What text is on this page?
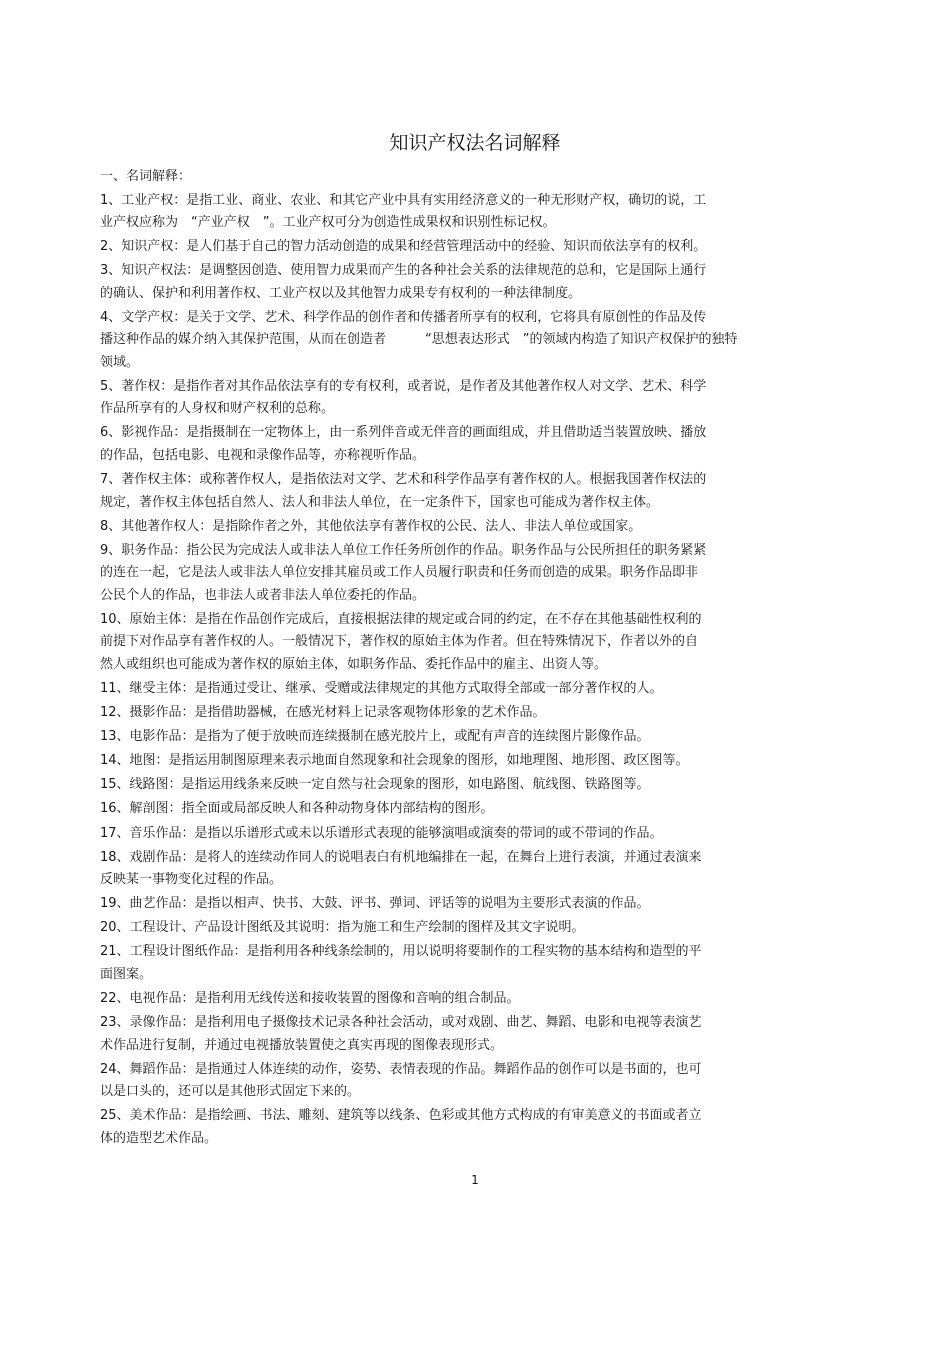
知识产权法名词解释
一、名词解释：
1、工业产权：是指工业、商业、农业、和其它产业中具有实用经济意义的一种无形财产权，确切的说，工
业产权应称为　“产业产权　”。工业产权可分为创造性成果权和识别性标记权。
2、知识产权：是人们基于自己的智力活动创造的成果和经营管理活动中的经验、知识而依法享有的权利。
3、知识产权法：是调整因创造、使用智力成果而产生的各种社会关系的法律规范的总和，它是国际上通行
的确认、保护和利用著作权、工业产权以及其他智力成果专有权利的一种法律制度。
4、文学产权：是关于文学、艺术、科学作品的创作者和传播者所享有的权利，它将具有原创性的作品及传
播这种作品的媒介纳入其保护范围，从而在创造者　　　“思想表达形式　”的领域内构造了知识产权保护的独特
领域。
5、著作权：是指作者对其作品依法享有的专有权利，或者说，是作者及其他著作权人对文学、艺术、科学
作品所享有的人身权和财产权利的总称。
6、影视作品：是指摄制在一定物体上，由一系列伴音或无伴音的画面组成，并且借助适当装置放映、播放
的作品，包括电影、电视和录像作品等，亦称视听作品。
7、著作权主体：或称著作权人，是指依法对文学、艺术和科学作品享有著作权的人。根据我国著作权法的
规定，著作权主体包括自然人、法人和非法人单位，在一定条件下，国家也可能成为著作权主体。
8、其他著作权人：是指除作者之外，其他依法享有著作权的公民、法人、非法人单位或国家。
9、职务作品：指公民为完成法人或非法人单位工作任务所创作的作品。职务作品与公民所担任的职务紧紧
的连在一起，它是法人或非法人单位安排其雇员或工作人员履行职责和任务而创造的成果。职务作品即非
公民个人的作品，也非法人或者非法人单位委托的作品。
10、原始主体：是指在作品创作完成后，直接根据法律的规定或合同的约定，在不存在其他基础性权利的
前提下对作品享有著作权的人。一般情况下，著作权的原始主体为作者。但在特殊情况下，作者以外的自
然人或组织也可能成为著作权的原始主体，如职务作品、委托作品中的雇主、出资人等。
11、继受主体：是指通过受让、继承、受赠或法律规定的其他方式取得全部或一部分著作权的人。
12、摄影作品：是指借助器械，在感光材料上记录客观物体形象的艺术作品。
13、电影作品：是指为了便于放映而连续摄制在感光胶片上，或配有声音的连续图片影像作品。
14、地图：是指运用制图原理来表示地面自然现象和社会现象的图形，如地理图、地形图、政区图等。
15、线路图：是指运用线条来反映一定自然与社会现象的图形，如电路图、航线图、铁路图等。
16、解剖图：指全面或局部反映人和各种动物身体内部结构的图形。
17、音乐作品：是指以乐谱形式或未以乐谱形式表现的能够演唱或演奏的带词的或不带词的作品。
18、戏剧作品：是将人的连续动作同人的说唱表白有机地编排在一起，在舞台上进行表演，并通过表演来
反映某一事物变化过程的作品。
19、曲艺作品：是指以相声、快书、大鼓、评书、弹词、评话等的说唱为主要形式表演的作品。
20、工程设计、产品设计图纸及其说明：指为施工和生产绘制的图样及其文字说明。
21、工程设计图纸作品：是指利用各种线条绘制的，用以说明将要制作的工程实物的基本结构和造型的平
面图案。
22、电视作品：是指利用无线传送和接收装置的图像和音响的组合制品。
23、录像作品：是指利用电子摄像技术记录各种社会活动，或对戏剧、曲艺、舞蹈、电影和电视等表演艺
术作品进行复制，并通过电视播放装置使之真实再现的图像表现形式。
24、舞蹈作品：是指通过人体连续的动作，姿势、表情表现的作品。舞蹈作品的创作可以是书面的，也可
以是口头的，还可以是其他形式固定下来的。
25、美术作品：是指绘画、书法、雕刻、建筑等以线条、色彩或其他方式构成的有审美意义的书面或者立
体的造型艺术作品。
1
